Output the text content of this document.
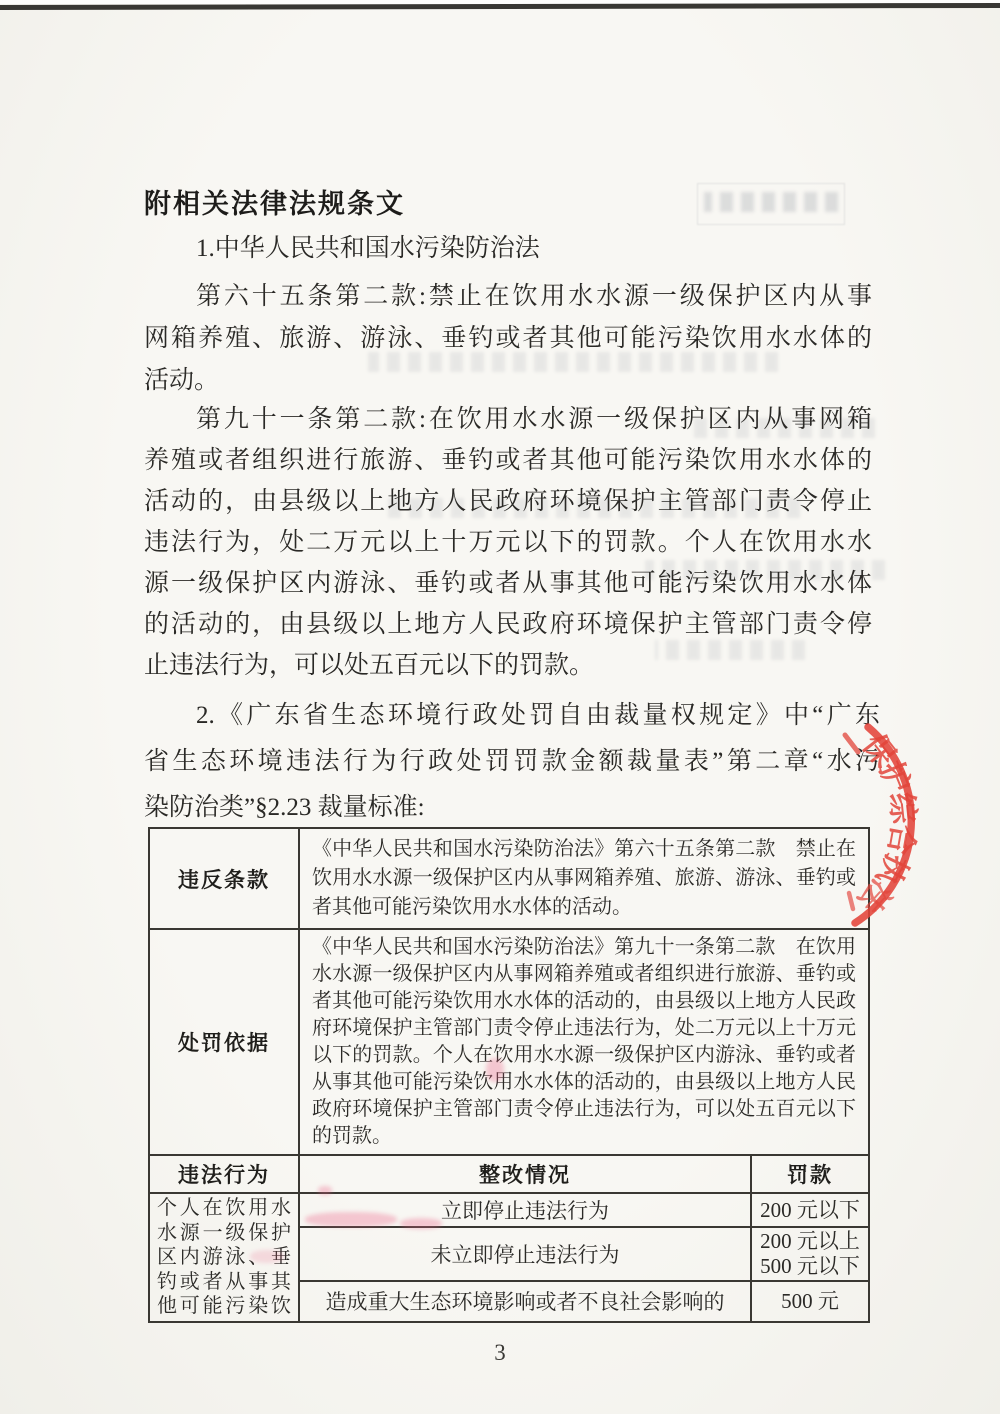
附相关法律法规条文
1.中华人民共和国水污染防治法
第六十五条第二款:禁止在饮用水水源一级保护区内从事
网箱养殖、旅游、游泳、垂钓或者其他可能污染饮用水水体的
活动。
第九十一条第二款:在饮用水水源一级保护区内从事网箱
养殖或者组织进行旅游、垂钓或者其他可能污染饮用水水体的
活动的，由县级以上地方人民政府环境保护主管部门责令停止
违法行为，处二万元以上十万元以下的罚款。个人在饮用水水
源一级保护区内游泳、垂钓或者从事其他可能污染饮用水水体
的活动的，由县级以上地方人民政府环境保护主管部门责令停
止违法行为，可以处五百元以下的罚款。
2.《广东省生态环境行政处罚自由裁量权规定》中“广东
省生态环境违法行为行政处罚罚款金额裁量表”第二章“水污
染防治类”§2.23 裁量标准:
违反条款	《中华人民共和国水污染防治法》第六十五条第二款　禁止在饮用水水源一级保护区内从事网箱养殖、旅游、游泳、垂钓或者其他可能污染饮用水水体的活动。	
处罚依据	《中华人民共和国水污染防治法》第九十一条第二款　在饮用水水源一级保护区内从事网箱养殖或者组织进行旅游、垂钓或者其他可能污染饮用水水体的活动的，由县级以上地方人民政府环境保护主管部门责令停止违法行为，处二万元以上十万元以下的罚款。个人在饮用水水源一级保护区内游泳、垂钓或者从事其他可能污染饮用水水体的活动的，由县级以上地方人民政府环境保护主管部门责令停止违法行为，可以处五百元以下的罚款。	
违法行为	整改情况	罚款
个人在饮用水水源一级保护区内游泳、垂钓或者从事其他可能污染饮	立即停止违法行为	200 元以下
	未立即停止违法行为	200 元以上
500 元以下

	造成重大生态环境影响或者不良社会影响的	500 元
保
护
综
合
执
法
3
